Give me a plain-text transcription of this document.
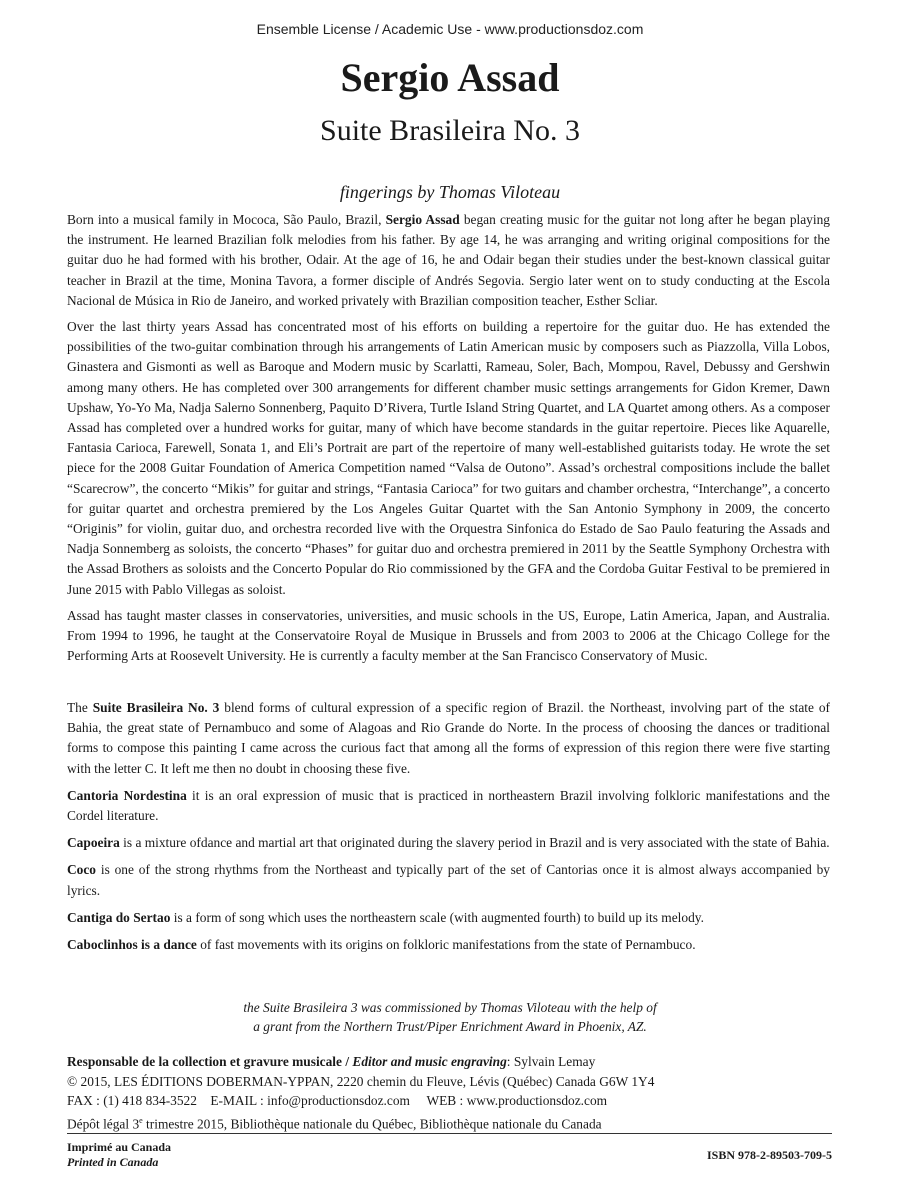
Ensemble License / Academic Use - www.productionsdoz.com
Sergio Assad
Suite Brasileira No. 3
fingerings by Thomas Viloteau

Born into a musical family in Mococa, São Paulo, Brazil, Sergio Assad began creating music for the guitar not long after he began playing the instrument. He learned Brazilian folk melodies from his father. By age 14, he was arranging and writing original compositions for the guitar duo he had formed with his brother, Odair. At the age of 16, he and Odair began their studies under the best-known classical guitar teacher in Brazil at the time, Monina Tavora, a former disciple of Andrés Segovia. Sergio later went on to study conducting at the Escola Nacional de Música in Rio de Janeiro, and worked privately with Brazilian composition teacher, Esther Scliar.

Over the last thirty years Assad has concentrated most of his efforts on building a repertoire for the guitar duo. He has extended the possibilities of the two-guitar combination through his arrangements of Latin American music by composers such as Piazzolla, Villa Lobos, Ginastera and Gismonti as well as Baroque and Modern music by Scarlatti, Rameau, Soler, Bach, Mompou, Ravel, Debussy and Gershwin among many others. He has completed over 300 arrangements for different chamber music settings arrangements for Gidon Kremer, Dawn Upshaw, Yo-Yo Ma, Nadja Salerno Sonnenberg, Paquito D’Rivera, Turtle Island String Quartet, and LA Quartet among others. As a composer Assad has completed over a hundred works for guitar, many of which have become standards in the guitar repertoire. Pieces like Aquarelle, Fantasia Carioca, Farewell, Sonata 1, and Eli’s Portrait are part of the repertoire of many well-established guitarists today. He wrote the set piece for the 2008 Guitar Foundation of America Competition named “Valsa de Outono”. Assad’s orchestral compositions include the ballet “Scarecrow”, the concerto “Mikis” for guitar and strings, “Fantasia Carioca” for two guitars and chamber orchestra, “Interchange”, a concerto for guitar quartet and orchestra premiered by the Los Angeles Guitar Quartet with the San Antonio Symphony in 2009, the concerto “Originis” for violin, guitar duo, and orchestra recorded live with the Orquestra Sinfonica do Estado de Sao Paulo featuring the Assads and Nadja Sonnemberg as soloists, the concerto “Phases” for guitar duo and orchestra premiered in 2011 by the Seattle Symphony Orchestra with the Assad Brothers as soloists and the Concerto Popular do Rio commissioned by the GFA and the Cordoba Guitar Festival to be premiered in June 2015 with Pablo Villegas as soloist.

Assad has taught master classes in conservatories, universities, and music schools in the US, Europe, Latin America, Japan, and Australia. From 1994 to 1996, he taught at the Conservatoire Royal de Musique in Brussels and from 2003 to 2006 at the Chicago College for the Performing Arts at Roosevelt University. He is currently a faculty member at the San Francisco Conservatory of Music.

The Suite Brasileira No. 3 blend forms of cultural expression of a specific region of Brazil. the Northeast, involving part of the state of Bahia, the great state of Pernambuco and some of Alagoas and Rio Grande do Norte. In the process of choosing the dances or traditional forms to compose this painting I came across the curious fact that among all the forms of expression of this region there were five starting with the letter C. It left me then no doubt in choosing these five.

Cantoria Nordestina it is an oral expression of music that is practiced in northeastern Brazil involving folkloric manifestations and the Cordel literature.

Capoeira is a mixture ofdance and martial art that originated during the slavery period in Brazil and is very associated with the state of Bahia.

Coco is one of the strong rhythms from the Northeast and typically part of the set of Cantorias once it is almost always accompanied by lyrics.

Cantiga do Sertao is a form of song which uses the northeastern scale (with augmented fourth) to build up its melody.

Caboclinhos is a dance of fast movements with its origins on folkloric manifestations from the state of Pernambuco.

the Suite Brasileira 3 was commissioned by Thomas Viloteau with the help of
a grant from the Northern Trust/Piper Enrichment Award in Phoenix, AZ.
Responsable de la collection et gravure musicale / Editor and music engraving: Sylvain Lemay
© 2015, LES ÉDITIONS DOBERMAN-YPPAN, 2220 chemin du Fleuve, Lévis (Québec) Canada G6W 1Y4
FAX : (1) 418 834-3522    E-MAIL : info@productionsdoz.com     WEB : www.productionsdoz.com
Dépôt légal 3e trimestre 2015, Bibliothèque nationale du Québec, Bibliothèque nationale du Canada
Imprimé au Canada
Printed in Canada	ISBN 978-2-89503-709-5
